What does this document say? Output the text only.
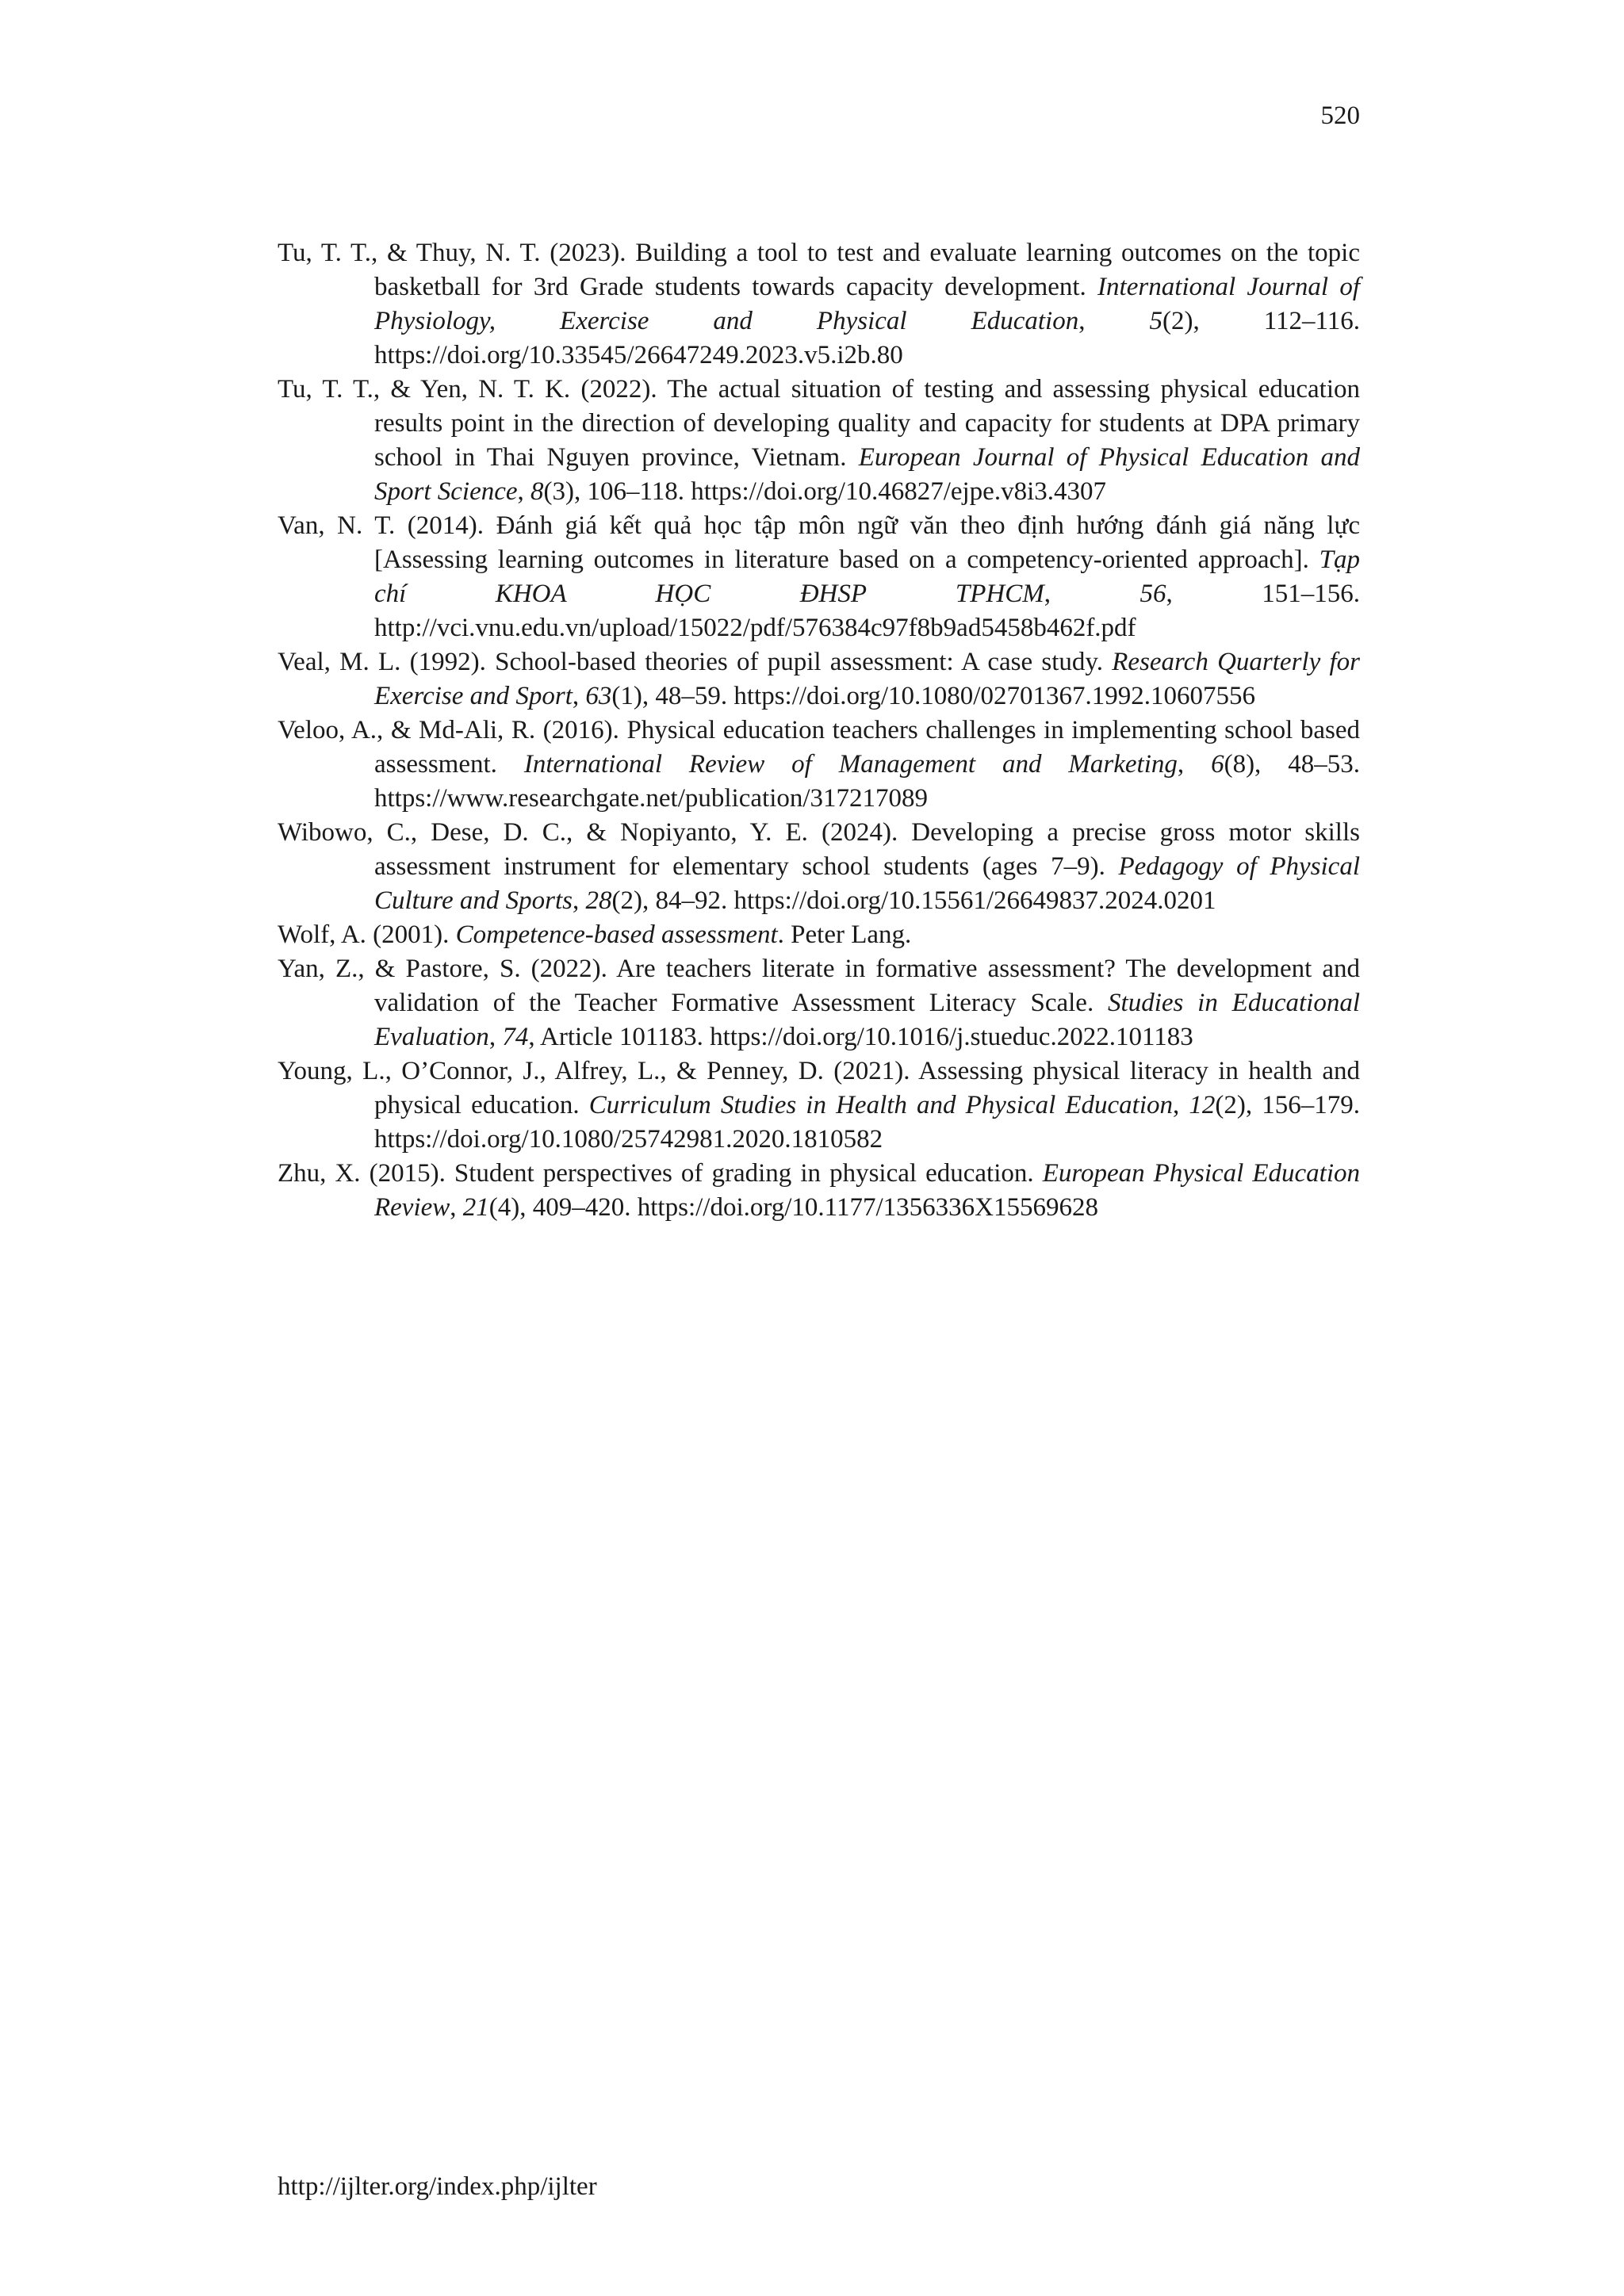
520

Tu, T. T., & Thuy, N. T. (2023). Building a tool to test and evaluate learning outcomes on the topic basketball for 3rd Grade students towards capacity development. International Journal of Physiology, Exercise and Physical Education, 5(2), 112–116. https://doi.org/10.33545/26647249.2023.v5.i2b.80

Tu, T. T., & Yen, N. T. K. (2022). The actual situation of testing and assessing physical education results point in the direction of developing quality and capacity for students at DPA primary school in Thai Nguyen province, Vietnam. European Journal of Physical Education and Sport Science, 8(3), 106–118. https://doi.org/10.46827/ejpe.v8i3.4307

Van, N. T. (2014). Đánh giá kết quả học tập môn ngữ văn theo định hướng đánh giá năng lực [Assessing learning outcomes in literature based on a competency-oriented approach]. Tạp chí KHOA HỌC ĐHSP TPHCM, 56, 151–156. http://vci.vnu.edu.vn/upload/15022/pdf/576384c97f8b9ad5458b462f.pdf

Veal, M. L. (1992). School-based theories of pupil assessment: A case study. Research Quarterly for Exercise and Sport, 63(1), 48–59. https://doi.org/10.1080/02701367.1992.10607556

Veloo, A., & Md-Ali, R. (2016). Physical education teachers challenges in implementing school based assessment. International Review of Management and Marketing, 6(8), 48–53. https://www.researchgate.net/publication/317217089

Wibowo, C., Dese, D. C., & Nopiyanto, Y. E. (2024). Developing a precise gross motor skills assessment instrument for elementary school students (ages 7–9). Pedagogy of Physical Culture and Sports, 28(2), 84–92. https://doi.org/10.15561/26649837.2024.0201

Wolf, A. (2001). Competence-based assessment. Peter Lang.

Yan, Z., & Pastore, S. (2022). Are teachers literate in formative assessment? The development and validation of the Teacher Formative Assessment Literacy Scale. Studies in Educational Evaluation, 74, Article 101183. https://doi.org/10.1016/j.stueduc.2022.101183

Young, L., O’Connor, J., Alfrey, L., & Penney, D. (2021). Assessing physical literacy in health and physical education. Curriculum Studies in Health and Physical Education, 12(2), 156–179. https://doi.org/10.1080/25742981.2020.1810582

Zhu, X. (2015). Student perspectives of grading in physical education. European Physical Education Review, 21(4), 409–420. https://doi.org/10.1177/1356336X15569628

http://ijlter.org/index.php/ijlter
